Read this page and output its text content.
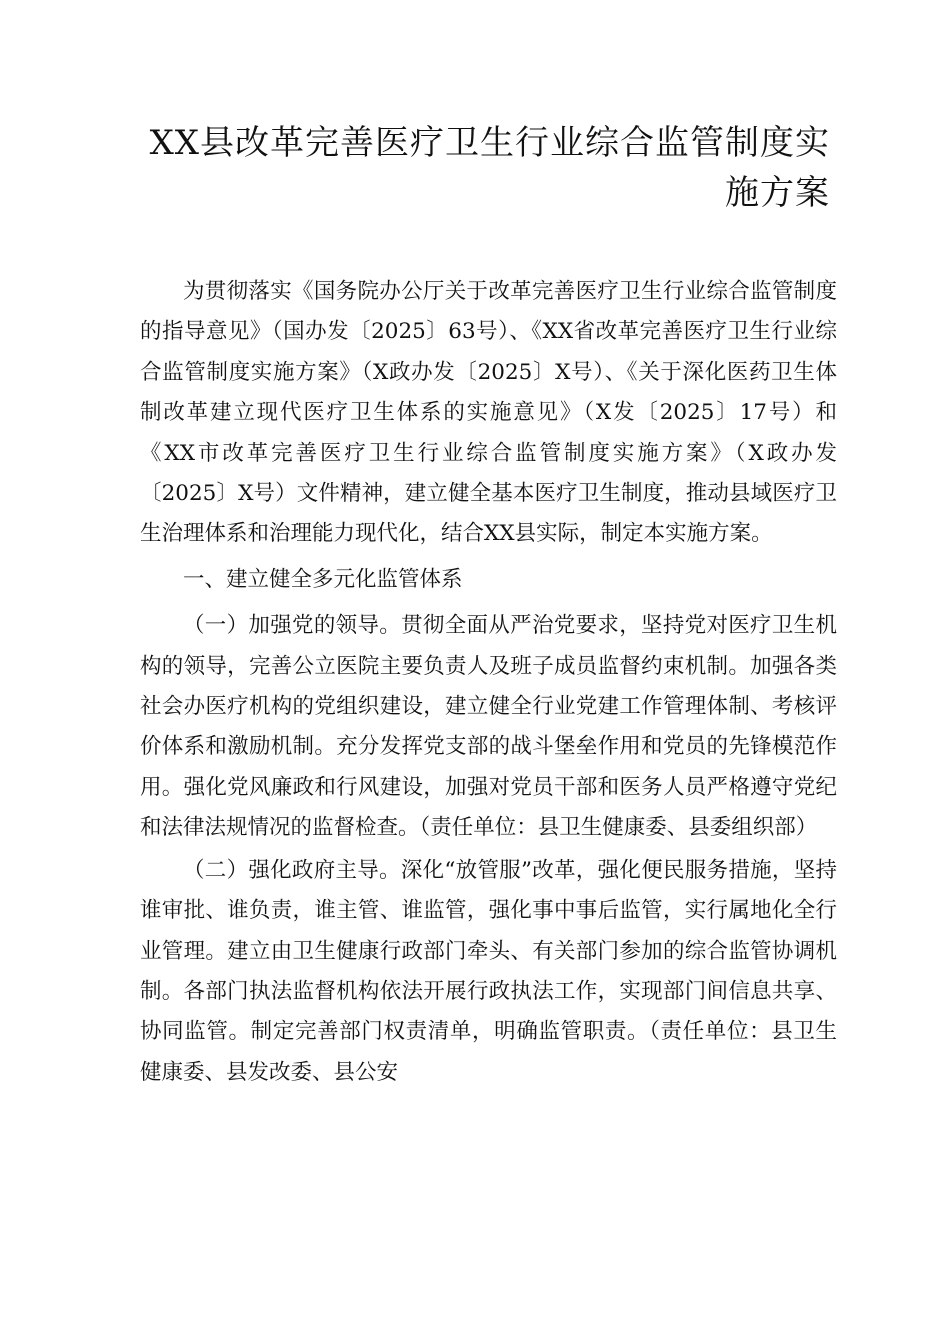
XX县改革完善医疗卫生行业综合监管制度实施方案

为贯彻落实《国务院办公厅关于改革完善医疗卫生行业综合监管制度的指导意见》（国办发〔2025〕63号）、《XX省改革完善医疗卫生行业综合监管制度实施方案》（X政办发〔2025〕X号）、《关于深化医药卫生体制改革建立现代医疗卫生体系的实施意见》（X发〔2025〕17号）和《XX市改革完善医疗卫生行业综合监管制度实施方案》（X政办发〔2025〕X号）文件精神，建立健全基本医疗卫生制度，推动县域医疗卫生治理体系和治理能力现代化，结合XX县实际，制定本实施方案。

一、建立健全多元化监管体系

（一）加强党的领导。贯彻全面从严治党要求，坚持党对医疗卫生机构的领导，完善公立医院主要负责人及班子成员监督约束机制。加强各类社会办医疗机构的党组织建设，建立健全行业党建工作管理体制、考核评价体系和激励机制。充分发挥党支部的战斗堡垒作用和党员的先锋模范作用。强化党风廉政和行风建设，加强对党员干部和医务人员严格遵守党纪和法律法规情况的监督检查。（责任单位：县卫生健康委、县委组织部）

（二）强化政府主导。深化“放管服”改革，强化便民服务措施，坚持谁审批、谁负责，谁主管、谁监管，强化事中事后监管，实行属地化全行业管理。建立由卫生健康行政部门牵头、有关部门参加的综合监管协调机制。各部门执法监督机构依法开展行政执法工作，实现部门间信息共享、协同监管。制定完善部门权责清单，明确监管职责。（责任单位：县卫生健康委、县发改委、县公安
